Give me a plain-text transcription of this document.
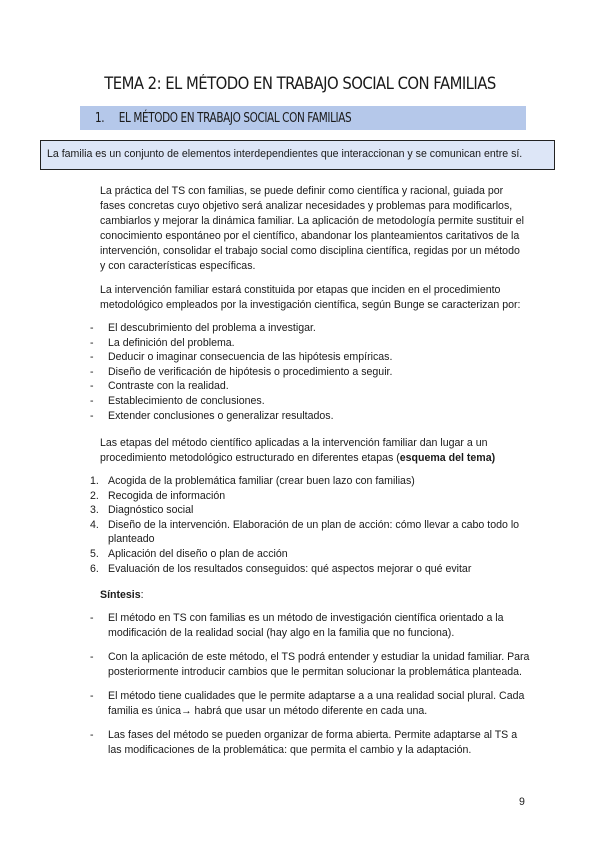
TEMA 2: EL MÉTODO EN TRABAJO SOCIAL CON FAMILIAS
1. EL MÉTODO EN TRABAJO SOCIAL CON FAMILIAS
La familia es un conjunto de elementos interdependientes que interaccionan y se comunican entre sí.

La práctica del TS con familias, se puede definir como científica y racional, guiada por fases concretas cuyo objetivo será analizar necesidades y problemas para modificarlos, cambiarlos y mejorar la dinámica familiar. La aplicación de metodología permite sustituir el conocimiento espontáneo por el científico, abandonar los planteamientos caritativos de la intervención, consolidar el trabajo social como disciplina científica, regidas por un método y con características específicas.

La intervención familiar estará constituida por etapas que inciden en el procedimiento metodológico empleados por la investigación científica, según Bunge se caracterizan por:

- El descubrimiento del problema a investigar.
- La definición del problema.
- Deducir o imaginar consecuencia de las hipótesis empíricas.
- Diseño de verificación de hipótesis o procedimiento a seguir.
- Contraste con la realidad.
- Establecimiento de conclusiones.
- Extender conclusiones o generalizar resultados.

Las etapas del método científico aplicadas a la intervención familiar dan lugar a un procedimiento metodológico estructurado en diferentes etapas (esquema del tema)

1. Acogida de la problemática familiar (crear buen lazo con familias)
2. Recogida de información
3. Diagnóstico social
4. Diseño de la intervención. Elaboración de un plan de acción: cómo llevar a cabo todo lo planteado
5. Aplicación del diseño o plan de acción
6. Evaluación de los resultados conseguidos: qué aspectos mejorar o qué evitar
Síntesis:
- El método en TS con familias es un método de investigación científica orientado a la modificación de la realidad social (hay algo en la familia que no funciona).
- Con la aplicación de este método, el TS podrá entender y estudiar la unidad familiar. Para posteriormente introducir cambios que le permitan solucionar la problemática planteada.
- El método tiene cualidades que le permite adaptarse a a una realidad social plural. Cada familia es única→ habrá que usar un método diferente en cada una.
- Las fases del método se pueden organizar de forma abierta. Permite adaptarse al TS a las modificaciones de la problemática: que permita el cambio y la adaptación.
9
